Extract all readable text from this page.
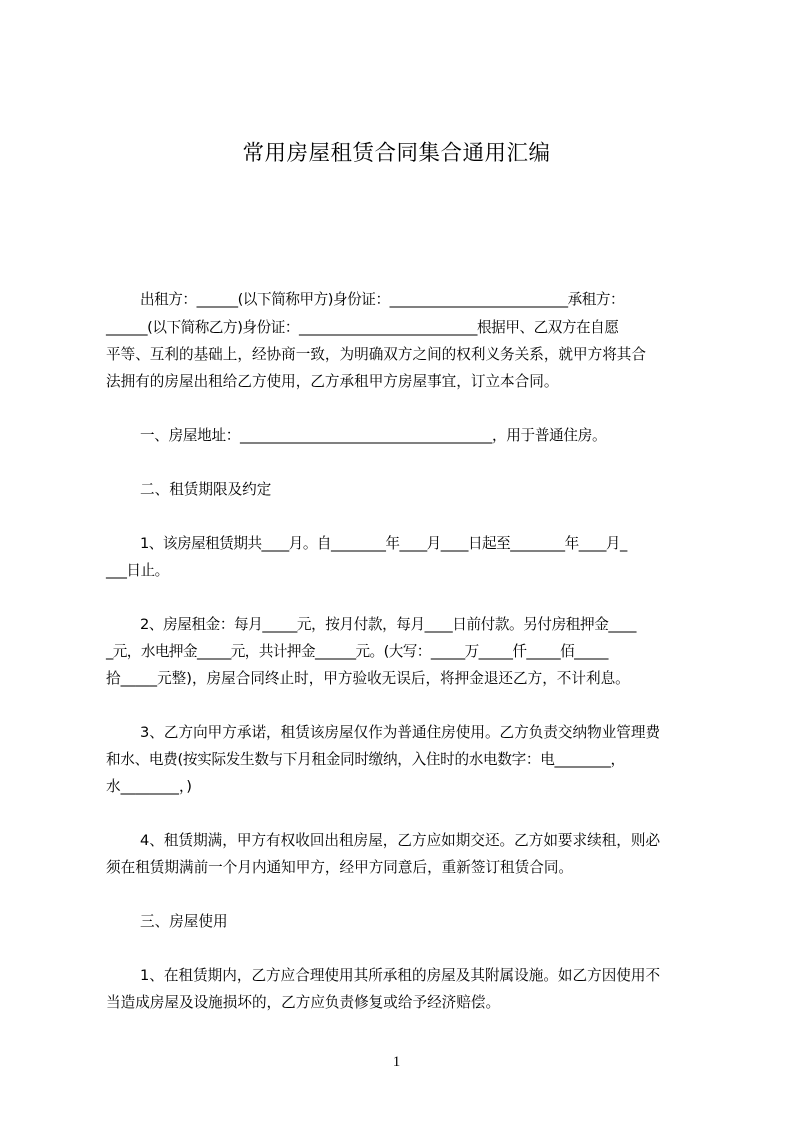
常用房屋租赁合同集合通用汇编
出租方：______(以下简称甲方)身份证：__________________________承租方：
______(以下简称乙方)身份证：__________________________根据甲、乙双方在自愿
平等、互利的基础上，经协商一致，为明确双方之间的权利义务关系，就甲方将其合
法拥有的房屋出租给乙方使用，乙方承租甲方房屋事宜，订立本合同。
一、房屋地址：____________________________________，用于普通住房。
二、租赁期限及约定
1、该房屋租赁期共____月。自________年____月____日起至________年____月_
___日止。
2、房屋租金：每月_____元，按月付款，每月____日前付款。另付房租押金____
_元，水电押金_____元，共计押金______元。(大写：_____万_____仟_____佰_____
拾_____元整)，房屋合同终止时，甲方验收无误后，将押金退还乙方，不计利息。
3、乙方向甲方承诺，租赁该房屋仅作为普通住房使用。乙方负责交纳物业管理费
和水、电费(按实际发生数与下月租金同时缴纳，入住时的水电数字：电________，
水________，)
4、租赁期满，甲方有权收回出租房屋，乙方应如期交还。乙方如要求续租，则必
须在租赁期满前一个月内通知甲方，经甲方同意后，重新签订租赁合同。
三、房屋使用
1、在租赁期内，乙方应合理使用其所承租的房屋及其附属设施。如乙方因使用不
当造成房屋及设施损坏的，乙方应负责修复或给予经济赔偿。
1
